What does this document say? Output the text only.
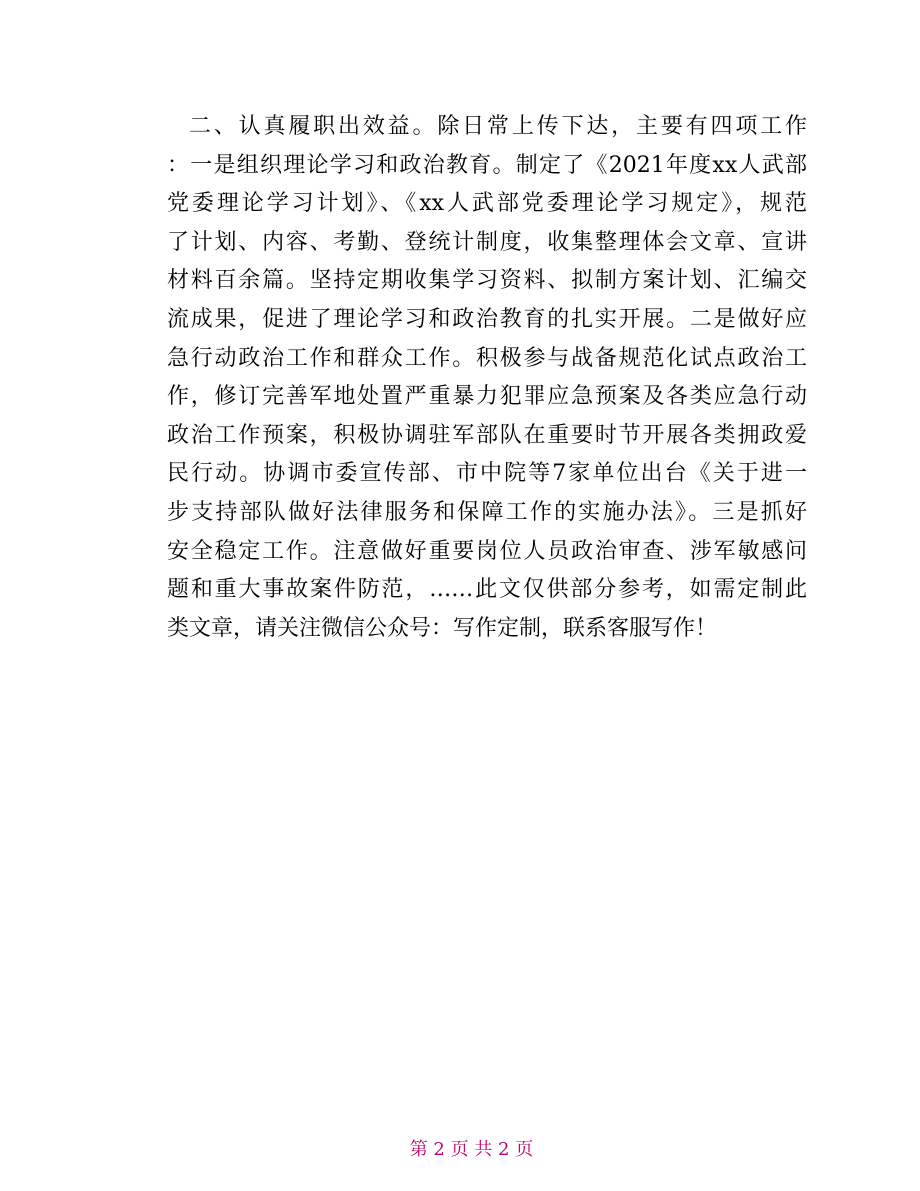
二、认真履职出效益。除日常上传下达，主要有四项工作
：一是组织理论学习和政治教育。制定了《2021年度xx人武部
党委理论学习计划》、《xx人武部党委理论学习规定》，规范
了计划、内容、考勤、登统计制度，收集整理体会文章、宣讲
材料百余篇。坚持定期收集学习资料、拟制方案计划、汇编交
流成果，促进了理论学习和政治教育的扎实开展。二是做好应
急行动政治工作和群众工作。积极参与战备规范化试点政治工
作，修订完善军地处置严重暴力犯罪应急预案及各类应急行动
政治工作预案，积极协调驻军部队在重要时节开展各类拥政爱
民行动。协调市委宣传部、市中院等7家单位出台《关于进一
步支持部队做好法律服务和保障工作的实施办法》。三是抓好
安全稳定工作。注意做好重要岗位人员政治审查、涉军敏感问
题和重大事故案件防范，……此文仅供部分参考，如需定制此
类文章，请关注微信公众号：写作定制，联系客服写作！

第 2 页 共 2 页
